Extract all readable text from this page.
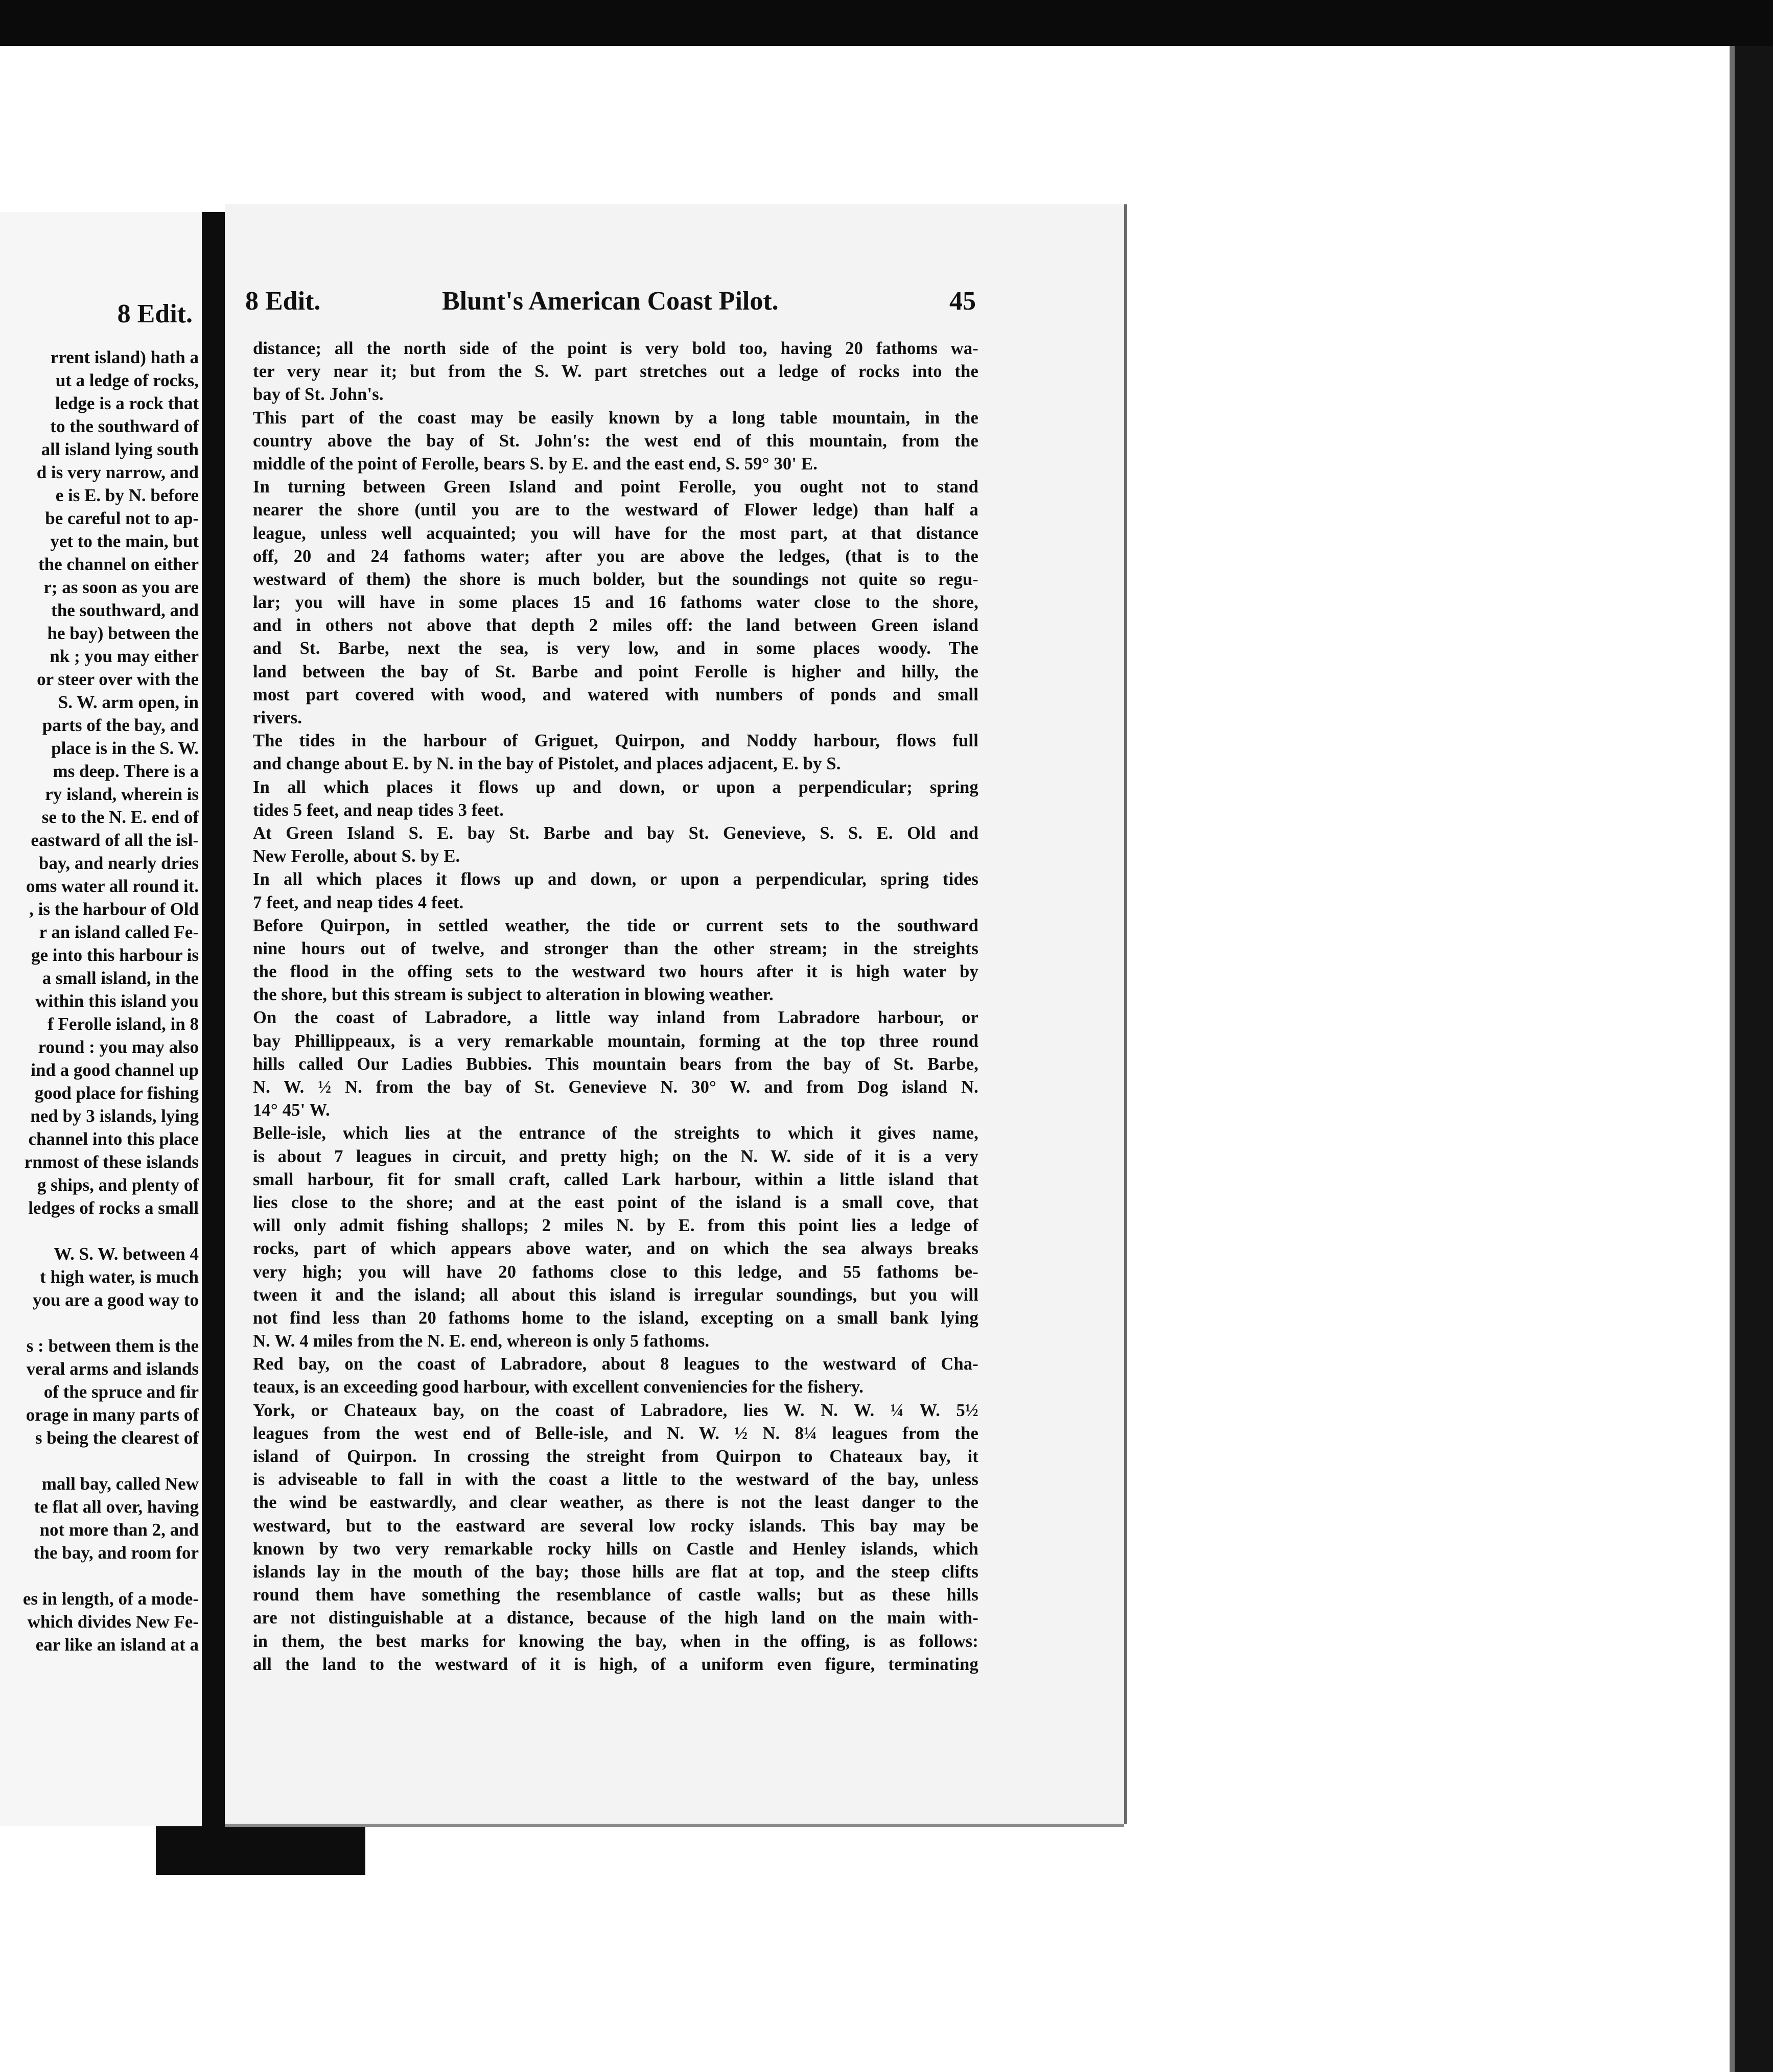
8 Edit.
rrent island) hath a
ut a ledge of rocks,
ledge is a rock that
to the southward of
all island lying south
d is very narrow, and
e is E. by N. before
be careful not to ap-
yet to the main, but
the channel on either
r; as soon as you are
the southward, and
he bay) between the
nk ; you may either
or steer over with the
S. W. arm open, in
parts of the bay, and
place is in the S. W.
ms deep. There is a
ry island, wherein is
se to the N. E. end of
eastward of all the isl-
bay, and nearly dries
oms water all round it.
, is the harbour of Old
r an island called Fe-
ge into this harbour is
a small island, in the
within this island you
f Ferolle island, in 8
round : you may also
ind a good channel up
good place for fishing
ned by 3 islands, lying
channel into this place
rnmost of these islands
g ships, and plenty of
ledges of rocks a small
W. S. W. between 4
t high water, is much
you are a good way to
s : between them is the
veral arms and islands
of the spruce and fir
orage in many parts of
s being the clearest of
mall bay, called New
te flat all over, having
not more than 2, and
the bay, and room for
es in length, of a mode-
which divides New Fe-
ear like an island at a
8 Edit.	Blunt's American Coast Pilot.	45
distance; all the north side of the point is very bold too, having 20 fathoms wa-
ter very near it; but from the S. W. part stretches out a ledge of rocks into the
bay of St. John's.
This part of the coast may be easily known by a long table mountain, in the
country above the bay of St. John's: the west end of this mountain, from the
middle of the point of Ferolle, bears S. by E. and the east end, S. 59° 30' E.
In turning between Green Island and point Ferolle, you ought not to stand
nearer the shore (until you are to the westward of Flower ledge) than half a
league, unless well acquainted; you will have for the most part, at that distance
off, 20 and 24 fathoms water; after you are above the ledges, (that is to the
westward of them) the shore is much bolder, but the soundings not quite so regu-
lar; you will have in some places 15 and 16 fathoms water close to the shore,
and in others not above that depth 2 miles off: the land between Green island
and St. Barbe, next the sea, is very low, and in some places woody. The
land between the bay of St. Barbe and point Ferolle is higher and hilly, the
most part covered with wood, and watered with numbers of ponds and small
rivers.
The tides in the harbour of Griguet, Quirpon, and Noddy harbour, flows full
and change about E. by N. in the bay of Pistolet, and places adjacent, E. by S.
In all which places it flows up and down, or upon a perpendicular; spring
tides 5 feet, and neap tides 3 feet.
At Green Island S. E. bay St. Barbe and bay St. Genevieve, S. S. E. Old and
New Ferolle, about S. by E.
In all which places it flows up and down, or upon a perpendicular, spring tides
7 feet, and neap tides 4 feet.
Before Quirpon, in settled weather, the tide or current sets to the southward
nine hours out of twelve, and stronger than the other stream; in the streights
the flood in the offing sets to the westward two hours after it is high water by
the shore, but this stream is subject to alteration in blowing weather.
On the coast of Labradore, a little way inland from Labradore harbour, or
bay Phillippeaux, is a very remarkable mountain, forming at the top three round
hills called Our Ladies Bubbies. This mountain bears from the bay of St. Barbe,
N. W. ½ N. from the bay of St. Genevieve N. 30° W. and from Dog island N.
14° 45' W.
Belle-isle, which lies at the entrance of the streights to which it gives name,
is about 7 leagues in circuit, and pretty high; on the N. W. side of it is a very
small harbour, fit for small craft, called Lark harbour, within a little island that
lies close to the shore; and at the east point of the island is a small cove, that
will only admit fishing shallops; 2 miles N. by E. from this point lies a ledge of
rocks, part of which appears above water, and on which the sea always breaks
very high; you will have 20 fathoms close to this ledge, and 55 fathoms be-
tween it and the island; all about this island is irregular soundings, but you will
not find less than 20 fathoms home to the island, excepting on a small bank lying
N. W. 4 miles from the N. E. end, whereon is only 5 fathoms.
Red bay, on the coast of Labradore, about 8 leagues to the westward of Cha-
teaux, is an exceeding good harbour, with excellent conveniencies for the fishery.
York, or Chateaux bay, on the coast of Labradore, lies W. N. W. ¼ W. 5½
leagues from the west end of Belle-isle, and N. W. ½ N. 8¼ leagues from the
island of Quirpon. In crossing the streight from Quirpon to Chateaux bay, it
is adviseable to fall in with the coast a little to the westward of the bay, unless
the wind be eastwardly, and clear weather, as there is not the least danger to the
westward, but to the eastward are several low rocky islands. This bay may be
known by two very remarkable rocky hills on Castle and Henley islands, which
islands lay in the mouth of the bay; those hills are flat at top, and the steep clifts
round them have something the resemblance of castle walls; but as these hills
are not distinguishable at a distance, because of the high land on the main with-
in them, the best marks for knowing the bay, when in the offing, is as follows:
all the land to the westward of it is high, of a uniform even figure, terminating
